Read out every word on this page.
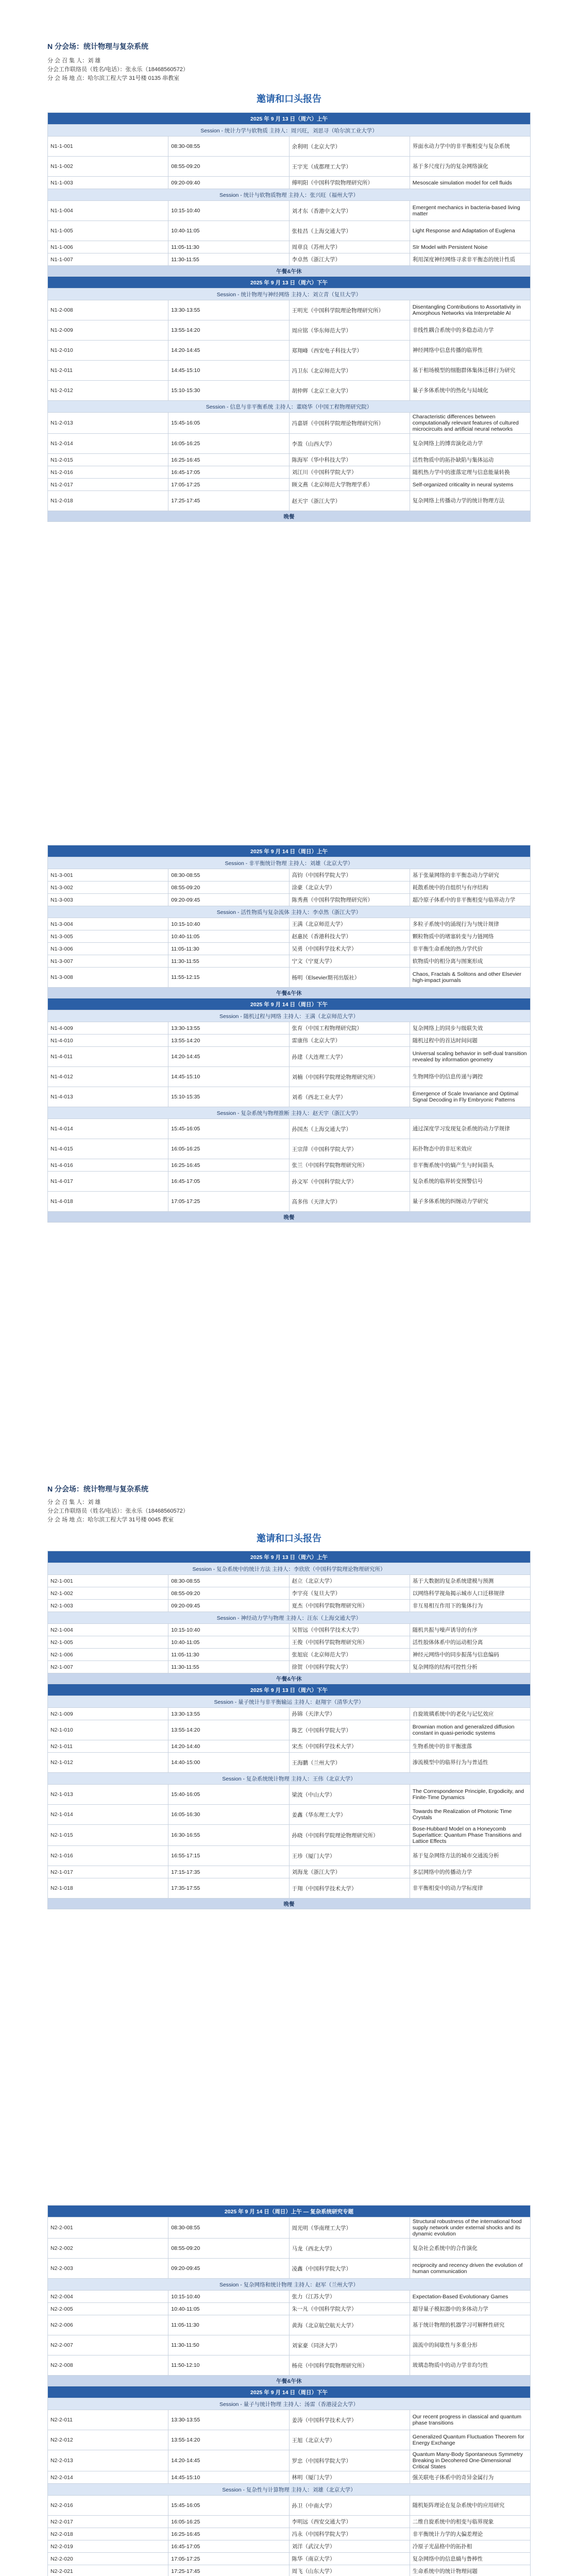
N 分会场：统计物理与复杂系统
分 会 召 集 人：刘 雄
分会工作联络员（姓名/电话）：张永乐（18468560572）
分 会 场 地 点：哈尔滨工程大学 31号楼 0135 串教室
邀请和口头报告
2025 年 9 月 13 日（周六）上午			
Session - 统计力学与软物质 主持人：周兴旺，刘思寻（哈尔滨工业大学）			
N1-1-001	08:30-08:55	余利明（北京大学）	界面水动力学中的非平衡相变与复杂系统
N1-1-002	08:55-09:20	王宇光（成都理工大学）	基于多尺度行为的复杂网络演化
N1-1-003	09:20-09:40	傅明阳（中国科学院物理研究所）	Mesoscale simulation model for cell fluids
Session - 统计与软物质物理 主持人：张兴旺（福州大学）			
N1-1-004	10:15-10:40	刘才东（香港中文大学）	Emergent mechanics in bacteria-based living matter
N1-1-005	10:40-11:05	张桂昌（上海交通大学）	Light Response and Adaptation of Euglena
N1-1-006	11:05-11:30	周章良（苏州大学）	SIr Model with Persistent Noise
N1-1-007	11:30-11:55	李卓然（浙江大学）	利用深度神经网络寻求非平衡态的统计性质
午餐&午休			
2025 年 9 月 13 日（周六）下午			
Session - 统计物理与神经网络 主持人：刘立青（复旦大学）			
N1-2-008	13:30-13:55	王明光（中国科学院理论物理研究所）	Disentangling Contributions to Assortativity in Amorphous Networks via Interpretable AI
N1-2-009	13:55-14:20	周应铭（华东师范大学）	非线性耦合系统中的多稳态动力学
N1-2-010	14:20-14:45	郑翔峰（西安电子科技大学）	神经网络中信息传播的临界性
N1-2-011	14:45-15:10	冯卫东（北京师范大学）	基于相场模型的细胞群体集体迁移行为研究
N1-2-012	15:10-15:30	胡仲辉（北京工业大学）	量子多体系统中的热化与局域化
Session - 信息与非平衡系统 主持人：董晓华（中国工程物理研究院）			
N1-2-013	15:45-16:05	冯嘉妍（中国科学院理论物理研究所）	Characteristic differences between computationally relevant features of cultured microcircuits and artificial neural networks
N1-2-014	16:05-16:25	李盈（山西大学）	复杂网络上的博弈演化动力学
N1-2-015	16:25-16:45	陈海军（华中科技大学）	活性物质中的拓扑缺陷与集体运动
N1-2-016	16:45-17:05	刘江川（中国科学院大学）	随机热力学中的涨落定理与信息能量转换
N1-2-017	17:05-17:25	顾文燕（北京师范大学物理学系）	Self-organized criticality in neural systems
N1-2-018	17:25-17:45	赵天宇（浙江大学）	复杂网络上传播动力学的统计物理方法
晚餐			
2025 年 9 月 14 日（周日）上午			
Session - 非平衡统计物理 主持人：刘雄（北京大学）			
N1-3-001	08:30-08:55	高钧（中国科学院大学）	基于张量网络的非平衡态动力学研究
N1-3-002	08:55-09:20	涂豪（北京大学）	耗散系统中的自组织与有序结构
N1-3-003	09:20-09:45	陈秀燕（中国科学院物理研究所）	超冷原子体系中的非平衡相变与临界动力学
Session - 活性物质与复杂流体 主持人：李卓然（浙江大学）			
N1-3-004	10:15-10:40	王满（北京师范大学）	多粒子系统中的涌现行为与统计规律
N1-3-005	10:40-11:05	赵惠民（香港科技大学）	颗粒物质中的堵塞转变与力链网络
N1-3-006	11:05-11:30	吴勇（中国科学技术大学）	非平衡生命系统的热力学代价
N1-3-007	11:30-11:55	宁文（宁夏大学）	软物质中的相分离与图案形成
N1-3-008	11:55-12:15	杨明（Elsevier期刊出版社）	Chaos, Fractals & Solitons and other Elsevier high-impact journals
午餐&午休			
2025 年 9 月 14 日（周日）下午			
Session - 随机过程与网络 主持人：王满（北京师范大学）			
N1-4-009	13:30-13:55	张育（中国工程物理研究院）	复杂网络上的同步与级联失效
N1-4-010	13:55-14:20	雷康伟（北京大学）	随机过程中的首达时间问题
N1-4-011	14:20-14:45	孙建（大连理工大学）	Universal scaling behavior in self-dual transition revealed by information geometry
N1-4-012	14:45-15:10	刘楠（中国科学院理论物理研究所）	生物网络中的信息传递与调控
N1-4-013	15:10-15:35	刘希（西北工业大学）	Emergence of Scale Invariance and Optimal Signal Decoding in Fly Embryonic Patterns
Session - 复杂系统与物理推断 主持人：赵天宇（浙江大学）			
N1-4-014	15:45-16:05	孙国杰（上海交通大学）	通过深度学习发现复杂系统的动力学规律
N1-4-015	16:05-16:25	王宗萍（中国科学院大学）	拓扑物态中的非厄米效应
N1-4-016	16:25-16:45	张兰（中国科学院物理研究所）	非平衡系统中的熵产生与时间箭头
N1-4-017	16:45-17:05	孙文军（中国科学院大学）	复杂系统的临界转变预警信号
N1-4-018	17:05-17:25	高多伟（天津大学）	量子多体系统的纠缠动力学研究
晚餐			
N 分会场：统计物理与复杂系统
分 会 召 集 人：刘 雄
分会工作联络员（姓名/电话）：张永乐（18468560572）
分 会 场 地 点：哈尔滨工程大学 31号楼 0045 教室
邀请和口头报告
2025 年 9 月 13 日（周六）上午			
Session - 复杂系统中的统计方法 主持人：李欣欣（中国科学院理论物理研究所）			
N2-1-001	08:30-08:55	赵立（北京大学）	基于大数据的复杂系统建模与预测
N2-1-002	08:55-09:20	李宇亮（复旦大学）	以网络科学视角揭示城市人口迁移规律
N2-1-003	09:20-09:45	夏杰（中国科学院物理研究所）	非互易相互作用下的集体行为
Session - 神经动力学与物理 主持人：汪东（上海交通大学）			
N2-1-004	10:15-10:40	吴智远（中国科学技术大学）	随机共振与噪声诱导的有序
N2-1-005	10:40-11:05	王俊（中国科学院物理研究所）	活性胶体体系中的运动相分离
N2-1-006	11:05-11:30	张旭宸（北京师范大学）	神经元网络中的同步振荡与信息编码
N2-1-007	11:30-11:55	徐贺（中国科学院大学）	复杂网络的结构可控性分析
午餐&午休			
2025 年 9 月 13 日（周六）下午			
Session - 量子统计与非平衡输运 主持人：赵翔宇（清华大学）			
N2-1-009	13:30-13:55	孙锦（天津大学）	自旋玻璃系统中的老化与记忆效应
N2-1-010	13:55-14:20	陈艺（中国科学院大学）	Brownian motion and generalized diffusion constant in quasi-periodic systems
N2-1-011	14:20-14:40	宋杰（中国科学技术大学）	生物系统中的非平衡涨落
N2-1-012	14:40-15:00	王海鹏（兰州大学）	渗流模型中的临界行为与普适性
Session - 复杂系统统计物理 主持人：王伟（北京大学）			
N2-1-013	15:40-16:05	梁波（中山大学）	The Correspondence Principle, Ergodicity, and Finite-Time Dynamics
N2-1-014	16:05-16:30	姜鑫（华东理工大学）	Towards the Realization of Photonic Time Crystals
N2-1-015	16:30-16:55	孙晓（中国科学院理论物理研究所）	Bose-Hubbard Model on a Honeycomb Superlattice: Quantum Phase Transitions and Lattice Effects
N2-1-016	16:55-17:15	王珍（厦门大学）	基于复杂网络方法的城市交通流分析
N2-1-017	17:15-17:35	刘海龙（浙江大学）	多层网络中的传播动力学
N2-1-018	17:35-17:55	于翔（中国科学技术大学）	非平衡相变中的动力学标度律
晚餐			
2025 年 9 月 14 日（周日）上午 — 复杂系统研究专题			
N2-2-001	08:30-08:55	周光明（华南理工大学）	Structural robustness of the international food supply network under external shocks and its dynamic evolution
N2-2-002	08:55-09:20	马龙（西北大学）	复杂社会系统中的合作演化
N2-2-003	09:20-09:45	凌鑫（中国科学院大学）	reciprocity and recency driven the evolution of human communication
Session - 复杂网络和统计物理 主持人：赵军（兰州大学）			
N2-2-004	10:15-10:40	张力（江苏大学）	Expectation-Based Evolutionary Games
N2-2-005	10:40-11:05	朱一凡（中国科学院大学）	超导量子模拟器中的多体动力学
N2-2-006	11:05-11:30	黄海（北京航空航天大学）	基于统计物理的机器学习可解释性研究
N2-2-007	11:30-11:50	刘家豪（同济大学）	湍流中的间歇性与多重分形
N2-2-008	11:50-12:10	杨亮（中国科学院物理研究所）	玻璃态物质中的动力学非均匀性
午餐&午休			
2025 年 9 月 14 日（周日）下午			
Session - 量子与统计物理 主持人：汤雷（香港浸会大学）			
N2-2-011	13:30-13:55	姜涛（中国科学技术大学）	Our recent progress in classical and quantum phase transitions
N2-2-012	13:55-14:20	王旭（北京大学）	Generalized Quantum Fluctuation Theorem for Energy Exchange
N2-2-013	14:20-14:45	罗忠（中国科学院大学）	Quantum Many-Body Spontaneous Symmetry Breaking in Decohered One-Dimensional Critical States
N2-2-014	14:45-15:10	林明（厦门大学）	强关联电子体系中的奇异金属行为
Session - 复杂性与计算物理 主持人：刘雄（北京大学）			
N2-2-016	15:45-16:05	孙卫（中南大学）	随机矩阵理论在复杂系统中的应用研究
N2-2-017	16:05-16:25	李明远（西安交通大学）	二维自旋系统中的相变与临界现象
N2-2-018	16:25-16:45	冯永（中国科学院大学）	非平衡统计力学的大偏差理论
N2-2-019	16:45-17:05	刘洋（武汉大学）	冷原子光晶格中的拓扑相
N2-2-020	17:05-17:25	陈华（南京大学）	复杂网络中的信息熵与鲁棒性
N2-2-021	17:25-17:45	周飞（山东大学）	生命系统中的统计物理问题
